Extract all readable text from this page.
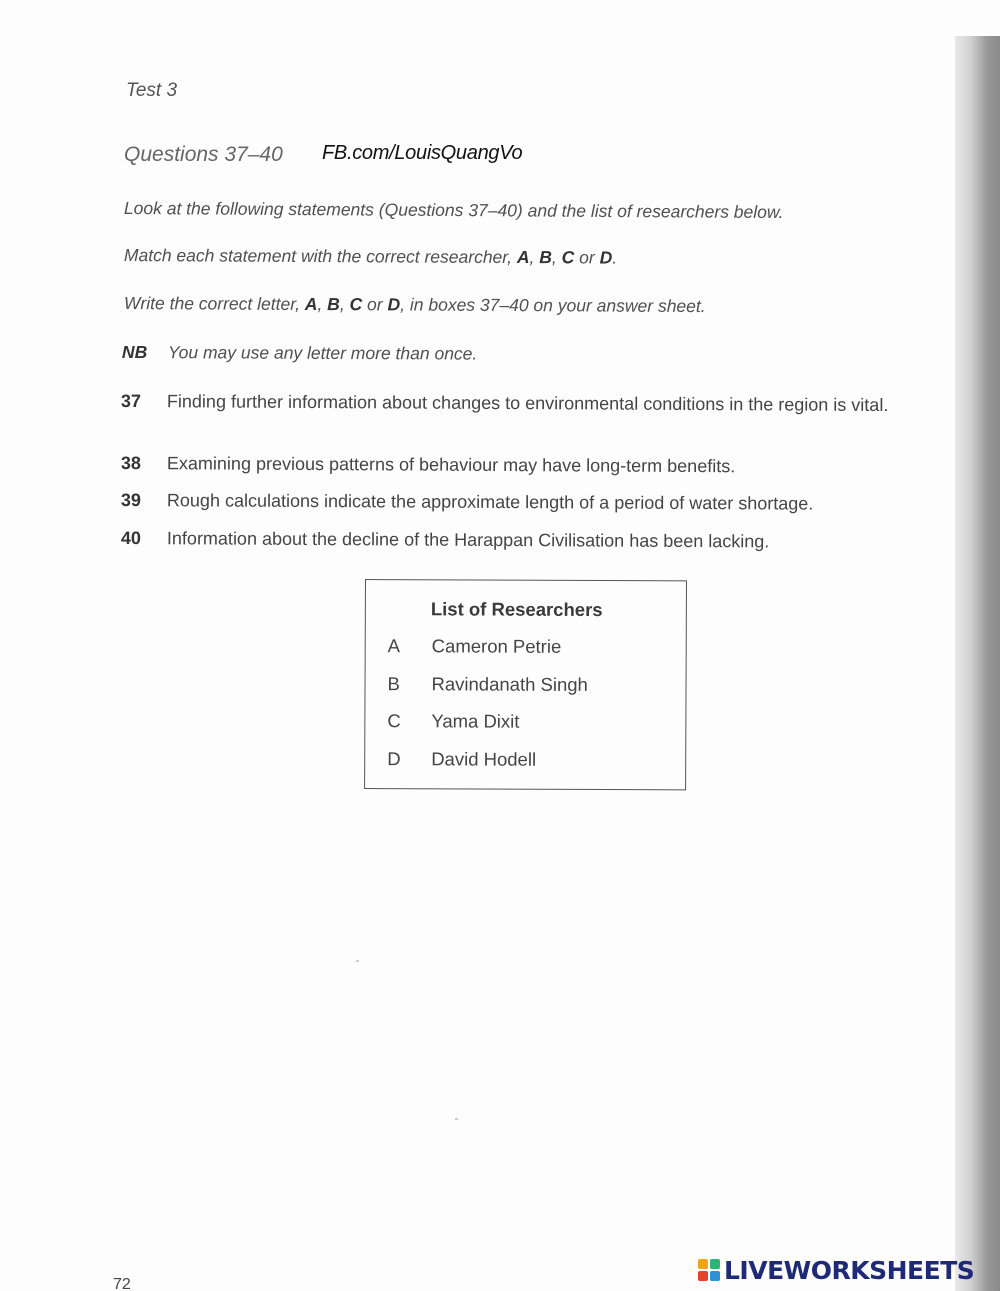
Test 3
Questions 37–40 FB.com/LouisQuangVo
Look at the following statements (Questions 37–40) and the list of researchers below.
Match each statement with the correct researcher, A, B, C or D.
Write the correct letter, A, B, C or D, in boxes 37–40 on your answer sheet.
NB You may use any letter more than once.
37 Finding further information about changes to environmental conditions in the region is vital.
38 Examining previous patterns of behaviour may have long-term benefits.
39 Rough calculations indicate the approximate length of a period of water shortage.
40 Information about the decline of the Harappan Civilisation has been lacking.
List of Researchers
A Cameron Petrie
B Ravindanath Singh
C Yama Dixit
D David Hodell
72	LIVEWORKSHEETS
